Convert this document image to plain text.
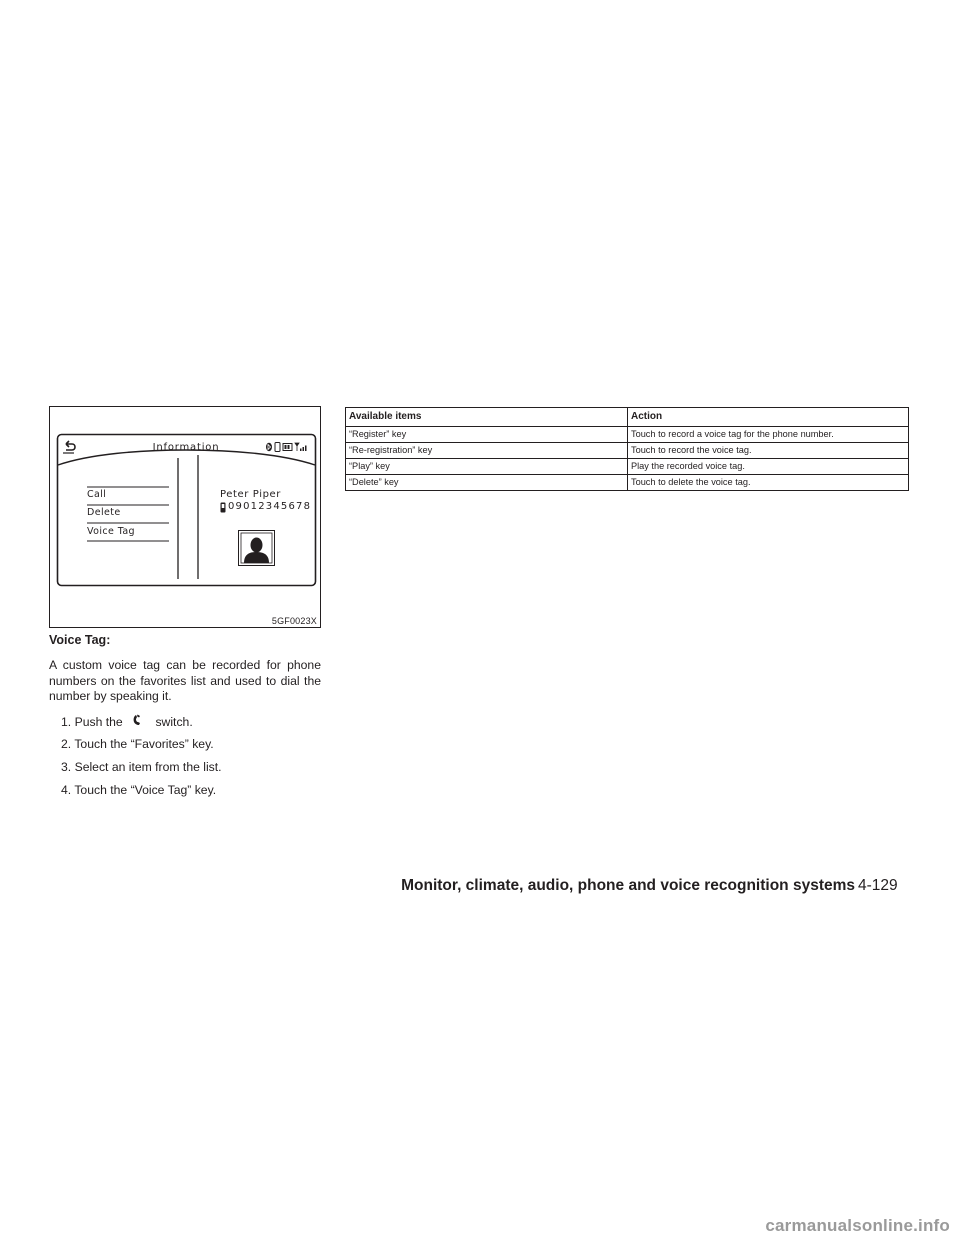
Information
Call
Delete
Voice Tag
Peter Piper
09012345678
5GF0023X
Voice Tag:

A custom voice tag can be recorded for phone numbers on the favorites list and used to dial the number by speaking it.

1. Push the	switch.
2. Touch the “Favorites” key.
3. Select an item from the list.
4. Touch the “Voice Tag” key.
Available items	Action
“Register” key	Touch to record a voice tag for the phone number.
“Re-registration” key	Touch to record the voice tag.
“Play” key	Play the recorded voice tag.
“Delete” key	Touch to delete the voice tag.
Monitor, climate, audio, phone and voice recognition systems 4-129
carmanualsonline.info
